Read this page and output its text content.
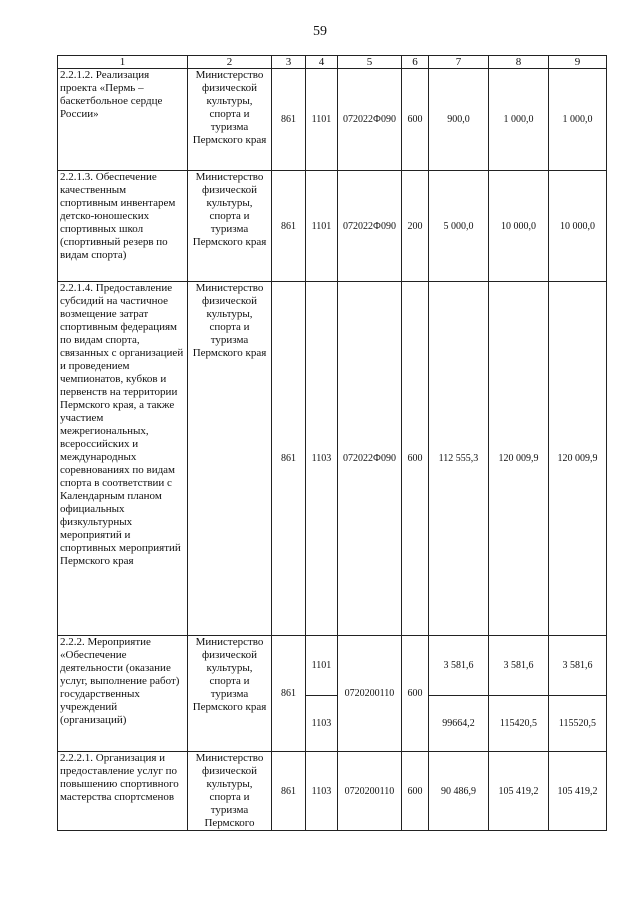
59
1	2	3	4	5	6	7	8	9
2.2.1.2. Реализация проекта «Пермь – баскетбольное сердце России»	Министерство физической культуры, спорта и туризма Пермского края	861	1101	072022Ф090	600	900,0	1 000,0	1 000,0
2.2.1.3. Обеспечение качественным спортивным инвентарем детско-юношеских спортивных школ (спортивный резерв по видам спорта)	Министерство физической культуры, спорта и туризма Пермского края	861	1101	072022Ф090	200	5 000,0	10 000,0	10 000,0
2.2.1.4. Предоставление субсидий на частичное возмещение затрат спортивным федерациям по видам спорта, связанных с организацией и проведением чемпионатов, кубков и первенств на территории Пермского края, а также участием межрегиональных, всероссийских и международных соревнованиях по видам спорта в соответствии с Календарным планом официальных физкультурных мероприятий и спортивных мероприятий Пермского края	Министерство физической культуры, спорта и туризма Пермского края	861	1103	072022Ф090	600	112 555,3	120 009,9	120 009,9
2.2.2. Мероприятие «Обеспечение деятельности (оказание услуг, выполнение работ) государственных учреждений (организаций)	Министерство физической культуры, спорта и туризма Пермского края	861	1101	0720200110	600	3 581,6	3 581,6	3 581,6
			1103			99664,2	115420,5	115520,5
2.2.2.1. Организация и предоставление услуг по повышению спортивного мастерства спортсменов	Министерство физической культуры, спорта и туризма Пермского	861	1103	0720200110	600	90 486,9	105 419,2	105 419,2
